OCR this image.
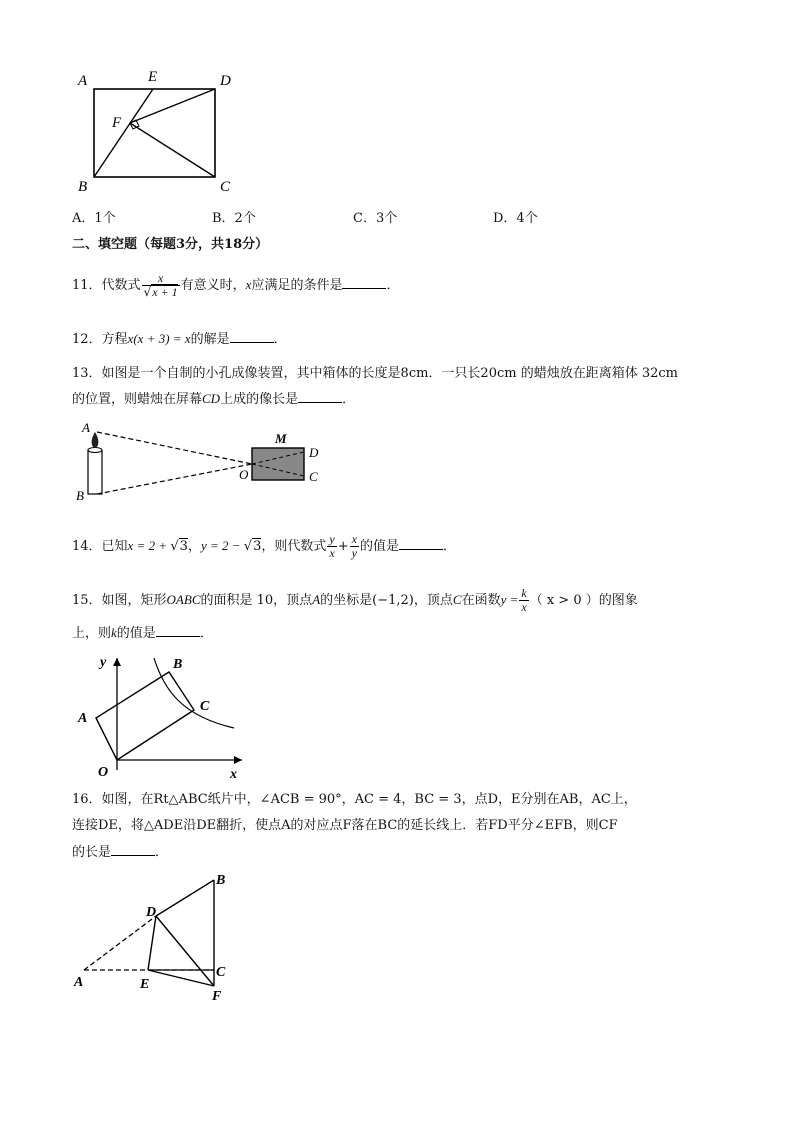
A	E	D
F
B	C
A．1个	B．2个	C．3个	D．4个
二、填空题（每题3分，共18分）
11．代数式 $\frac{x}{√x + 1}$ 有意义时，x应满足的条件是	．
12．方程x(x + 3) = x的解是	．
13．如图是一个自制的小孔成像装置，其中箱体的长度是8cm．一只长20cm 的蜡烛放在距离箱体 32cm
的位置，则蜡烛在屏幕CD上成的像长是	．
A
B
M
D
O	C
14．已知x = 2 + √3，y = 2 − √3，则代数式 $\frac{y}{x} + \frac{x}{y}$ 的值是	．
15．如图，矩形OABC的面积是 10，顶点A的坐标是(−1,2)，顶点C在函数$y = \frac{k}{x}$ （ x > 0 ）的图象
上，则k的值是	．
y	B
A
C
O	x
16．如图，在Rt△ABC纸片中，∠ACB = 90°，AC = 4，BC = 3，点D，E分别在AB，AC上，
连接DE，将△ADE沿DE翻折，使点A的对应点F落在BC的延长线上．若FD平分∠EFB，则CF
的长是	．
B
D
A	E
C
F
